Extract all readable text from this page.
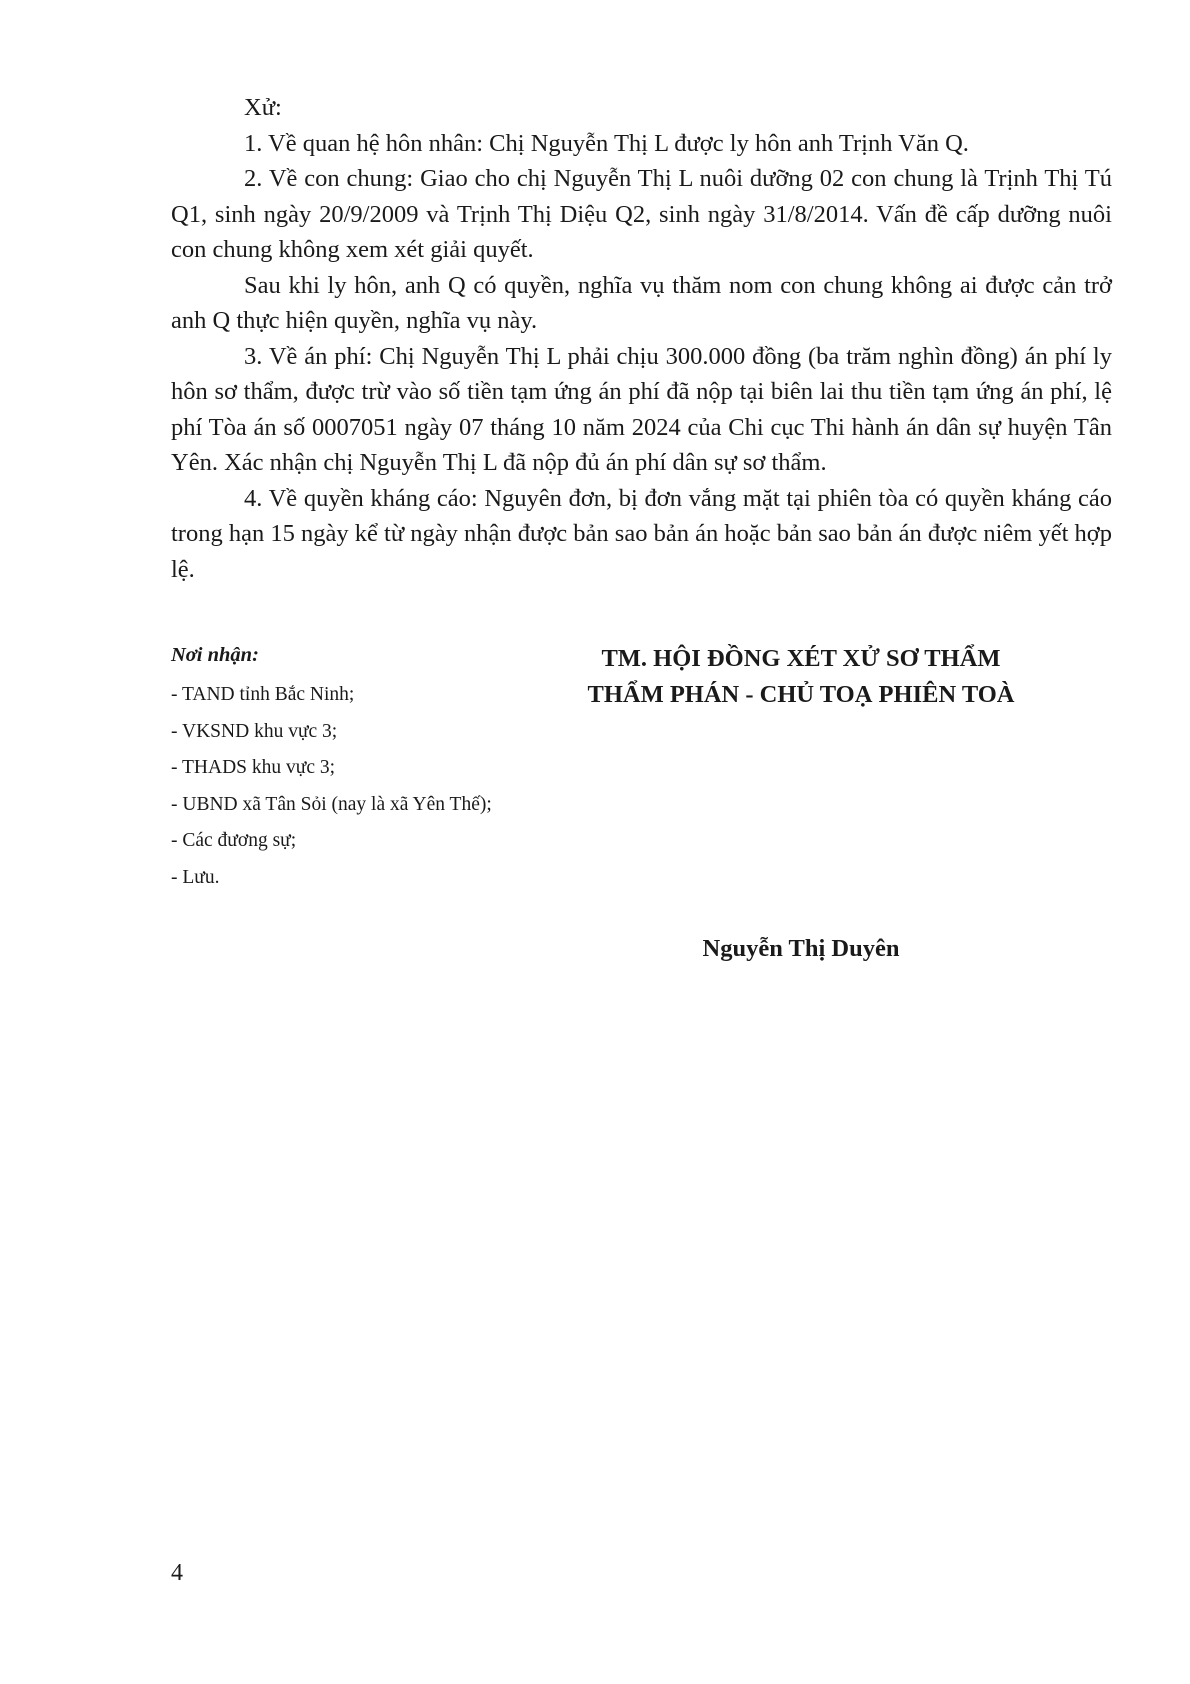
Xử:

1. Về quan hệ hôn nhân: Chị Nguyễn Thị L được ly hôn anh Trịnh Văn Q.

2. Về con chung: Giao cho chị Nguyễn Thị L nuôi dưỡng 02 con chung là Trịnh Thị Tú Q1, sinh ngày 20/9/2009 và Trịnh Thị Diệu Q2, sinh ngày 31/8/2014. Vấn đề cấp dưỡng nuôi con chung không xem xét giải quyết.

Sau khi ly hôn, anh Q có quyền, nghĩa vụ thăm nom con chung không ai được cản trở anh Q thực hiện quyền, nghĩa vụ này.

3. Về án phí: Chị Nguyễn Thị L phải chịu 300.000 đồng (ba trăm nghìn đồng) án phí ly hôn sơ thẩm, được trừ vào số tiền tạm ứng án phí đã nộp tại biên lai thu tiền tạm ứng án phí, lệ phí Tòa án số 0007051 ngày 07 tháng 10 năm 2024 của Chi cục Thi hành án dân sự huyện Tân Yên. Xác nhận chị Nguyễn Thị L đã nộp đủ án phí dân sự sơ thẩm.

4. Về quyền kháng cáo: Nguyên đơn, bị đơn vắng mặt tại phiên tòa có quyền kháng cáo trong hạn 15 ngày kể từ ngày nhận được bản sao bản án hoặc bản sao bản án được niêm yết hợp lệ.

Nơi nhận:
- TAND tỉnh Bắc Ninh;
- VKSND khu vực 3;
- THADS khu vực 3;
- UBND xã Tân Sỏi (nay là xã Yên Thế);
- Các đương sự;
- Lưu.
TM. HỘI ĐỒNG XÉT XỬ SƠ THẨM
THẨM PHÁN - CHỦ TOẠ PHIÊN TOÀ
Nguyễn Thị Duyên
4
